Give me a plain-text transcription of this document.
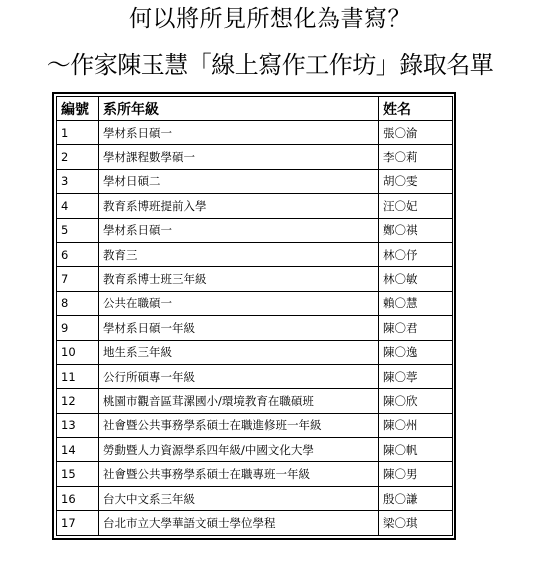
何以將所見所想化為書寫？
～作家陳玉慧「線上寫作工作坊」錄取名單
編號	系所年級	姓名
1	學材系日碩一	張〇渝
2	學材課程數學碩一	李〇莉
3	學材日碩二	胡〇雯
4	教育系博班提前入學	汪〇妃
5	學材系日碩一	鄭〇祺
6	教育三	林〇伃
7	教育系博士班三年級	林〇敏
8	公共在職碩一	賴〇慧
9	學材系日碩一年級	陳〇君
10	地生系三年級	陳〇逸
11	公行所碩專一年級	陳〇葶
12	桃園市觀音區茸漯國小/環境教育在職碩班	陳〇欣
13	社會暨公共事務學系碩士在職進修班一年級	陳〇州
14	勞動暨人力資源學系四年級/中國文化大學	陳〇帆
15	社會暨公共事務學系碩士在職專班一年級	陳〇男
16	台大中文系三年級	殷〇謙
17	台北市立大學華語文碩士學位學程	梁〇琪
